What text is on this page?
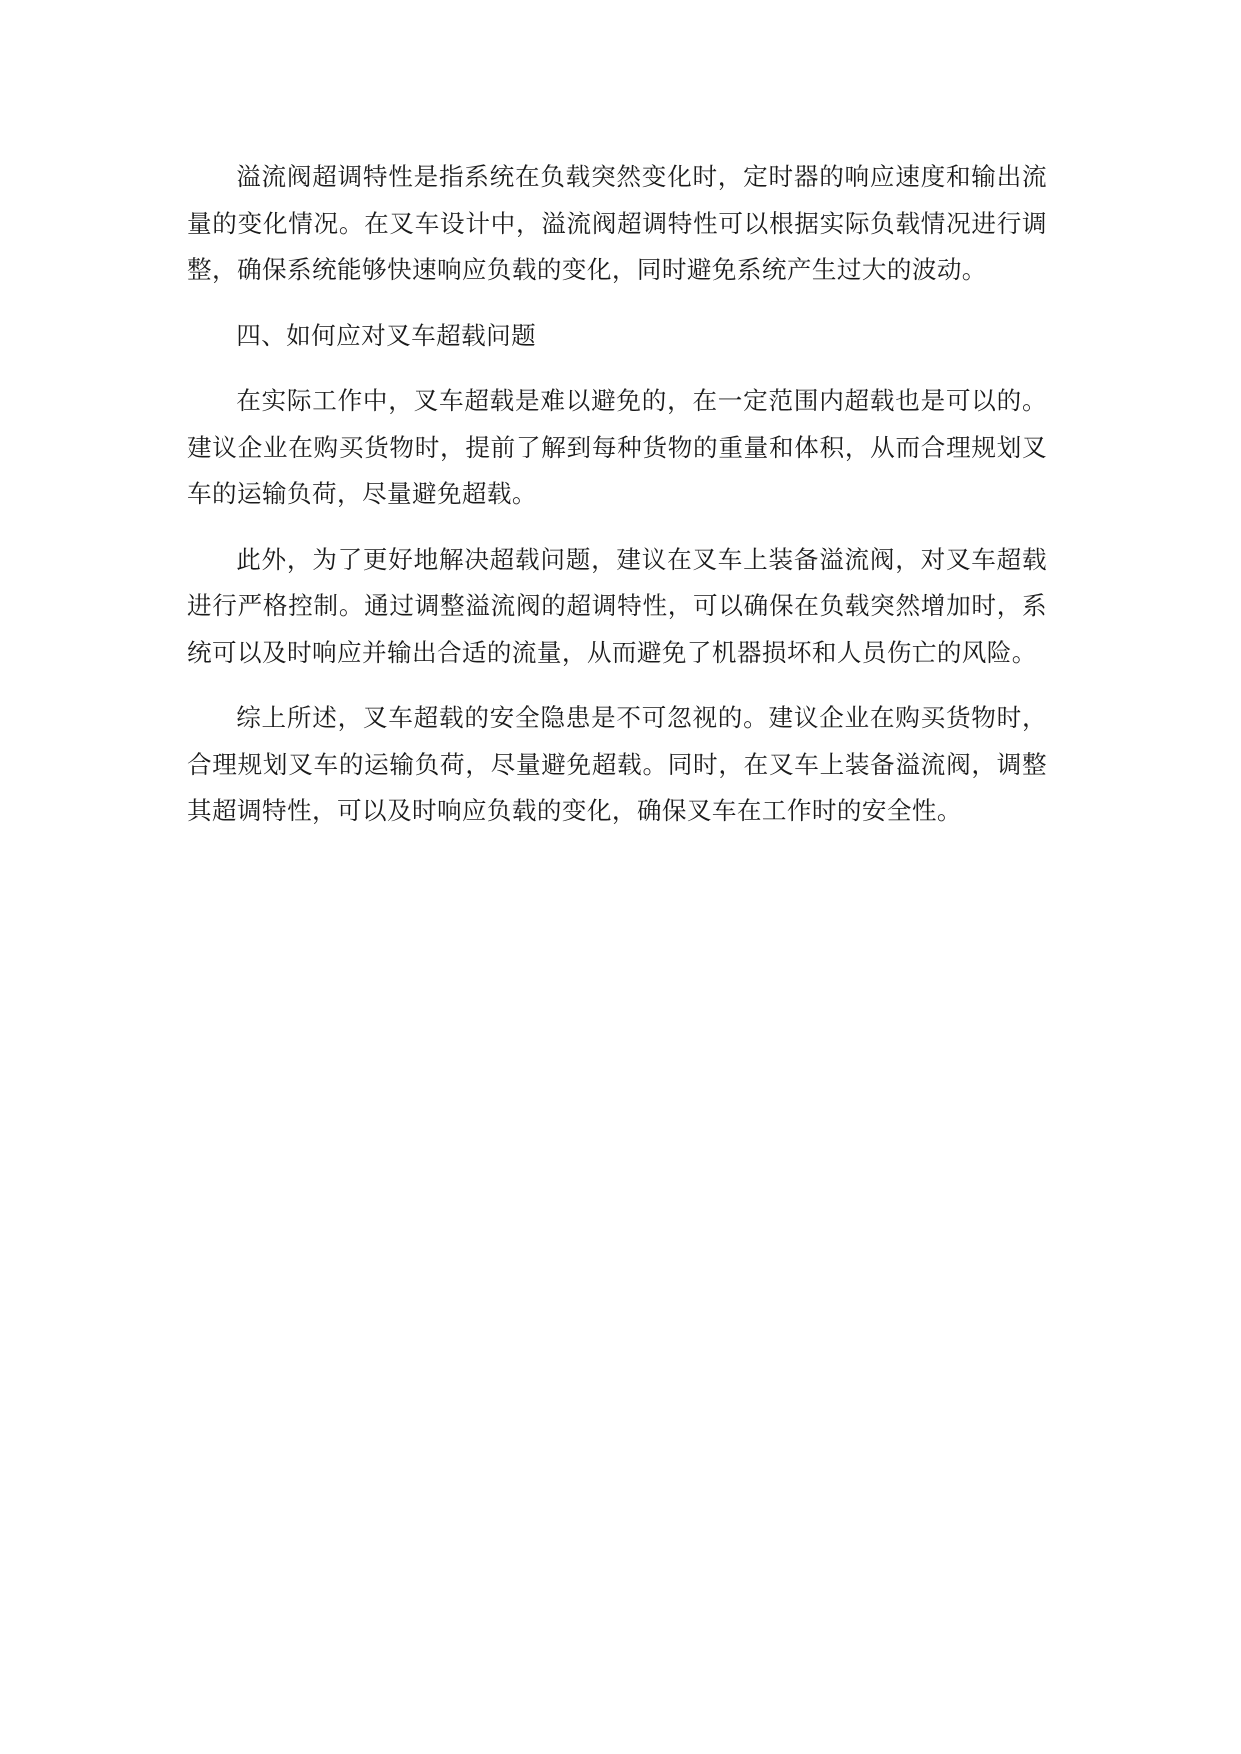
溢流阀超调特性是指系统在负载突然变化时，定时器的响应速度和输出流量的变化情况。在叉车设计中，溢流阀超调特性可以根据实际负载情况进行调整，确保系统能够快速响应负载的变化，同时避免系统产生过大的波动。

四、如何应对叉车超载问题

在实际工作中，叉车超载是难以避免的，在一定范围内超载也是可以的。 建议企业在购买货物时，提前了解到每种货物的重量和体积，从而合理规划叉车的运输负荷，尽量避免超载。

此外，为了更好地解决超载问题，建议在叉车上装备溢流阀，对叉车超载进行严格控制。通过调整溢流阀的超调特性，可以确保在负载突然增加时，系统可以及时响应并输出合适的流量，从而避免了机器损坏和人员伤亡的风险。

综上所述，叉车超载的安全隐患是不可忽视的。建议企业在购买货物时，合理规划叉车的运输负荷，尽量避免超载。同时，在叉车上装备溢流阀，调整其超调特性，可以及时响应负载的变化，确保叉车在工作时的安全性。
